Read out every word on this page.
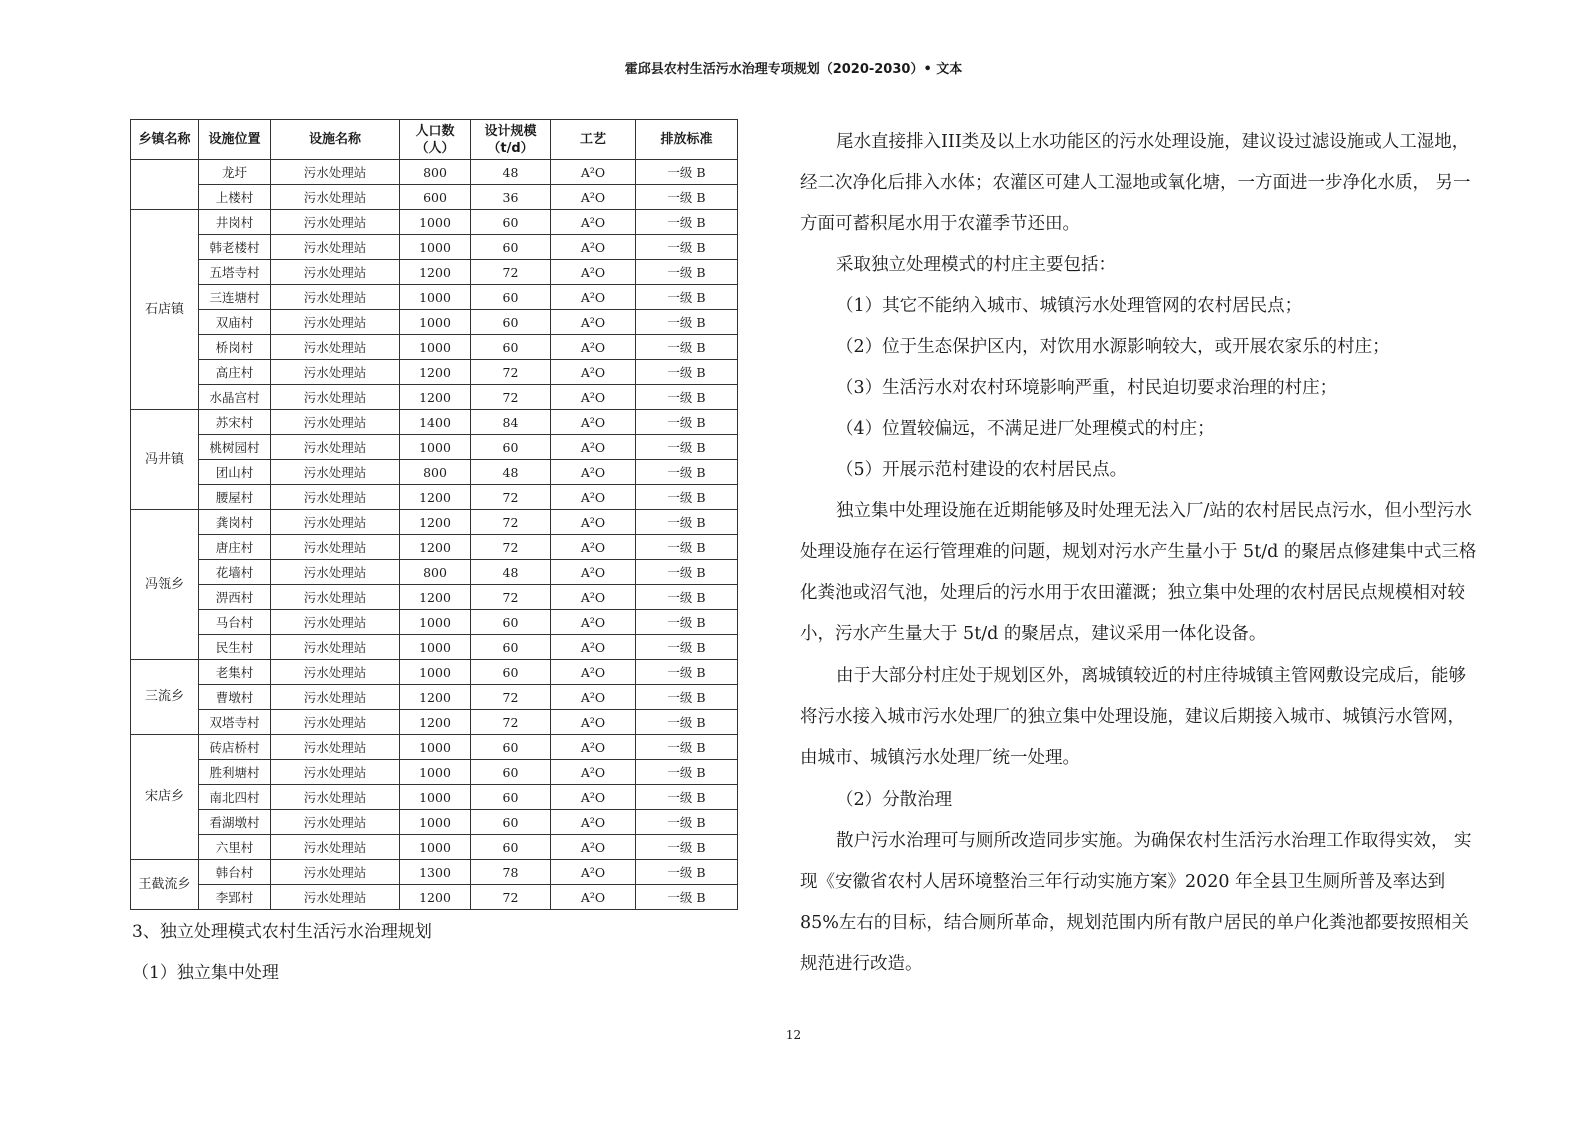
霍邱县农村生活污水治理专项规划（2020-2030）• 文本
乡镇名称	设施位置	设施名称	人口数（人）	设计规模（t/d）	工艺	排放标准
	龙圩	污水处理站	800	48	A²O	一级 B
	上楼村	污水处理站	600	36	A²O	一级 B
石店镇	井岗村	污水处理站	1000	60	A²O	一级 B
	韩老楼村	污水处理站	1000	60	A²O	一级 B
	五塔寺村	污水处理站	1200	72	A²O	一级 B
	三连塘村	污水处理站	1000	60	A²O	一级 B
	双庙村	污水处理站	1000	60	A²O	一级 B
	桥岗村	污水处理站	1000	60	A²O	一级 B
	高庄村	污水处理站	1200	72	A²O	一级 B
	水晶宫村	污水处理站	1200	72	A²O	一级 B
冯井镇	苏宋村	污水处理站	1400	84	A²O	一级 B
	桃树园村	污水处理站	1000	60	A²O	一级 B
	团山村	污水处理站	800	48	A²O	一级 B
	腰屋村	污水处理站	1200	72	A²O	一级 B
冯瓴乡	龚岗村	污水处理站	1200	72	A²O	一级 B
	唐庄村	污水处理站	1200	72	A²O	一级 B
	花墙村	污水处理站	800	48	A²O	一级 B
	淠西村	污水处理站	1200	72	A²O	一级 B
	马台村	污水处理站	1000	60	A²O	一级 B
	民生村	污水处理站	1000	60	A²O	一级 B
三流乡	老集村	污水处理站	1000	60	A²O	一级 B
	曹墩村	污水处理站	1200	72	A²O	一级 B
	双塔寺村	污水处理站	1200	72	A²O	一级 B
宋店乡	砖店桥村	污水处理站	1000	60	A²O	一级 B
	胜利塘村	污水处理站	1000	60	A²O	一级 B
	南北四村	污水处理站	1000	60	A²O	一级 B
	看湖墩村	污水处理站	1000	60	A²O	一级 B
	六里村	污水处理站	1000	60	A²O	一级 B
王截流乡	韩台村	污水处理站	1300	78	A²O	一级 B
	李郢村	污水处理站	1200	72	A²O	一级 B
3、独立处理模式农村生活污水治理规划
（1）独立集中处理

尾水直接排入III类及以上水功能区的污水处理设施，建议设过滤设施或人工湿地，经二次净化后排入水体；农灌区可建人工湿地或氧化塘，一方面进一步净化水质， 另一方面可蓄积尾水用于农灌季节还田。

采取独立处理模式的村庄主要包括：

（1）其它不能纳入城市、城镇污水处理管网的农村居民点；

（2）位于生态保护区内，对饮用水源影响较大，或开展农家乐的村庄；

（3）生活污水对农村环境影响严重，村民迫切要求治理的村庄；

（4）位置较偏远，不满足进厂处理模式的村庄；

（5）开展示范村建设的农村居民点。

独立集中处理设施在近期能够及时处理无法入厂/站的农村居民点污水，但小型污水处理设施存在运行管理难的问题，规划对污水产生量小于 5t/d 的聚居点修建集中式三格化粪池或沼气池，处理后的污水用于农田灌溉；独立集中处理的农村居民点规模相对较小，污水产生量大于 5t/d 的聚居点，建议采用一体化设备。

由于大部分村庄处于规划区外，离城镇较近的村庄待城镇主管网敷设完成后，能够将污水接入城市污水处理厂的独立集中处理设施，建议后期接入城市、城镇污水管网，由城市、城镇污水处理厂统一处理。

（2）分散治理

散户污水治理可与厕所改造同步实施。为确保农村生活污水治理工作取得实效， 实现《安徽省农村人居环境整治三年行动实施方案》2020 年全县卫生厕所普及率达到 85%左右的目标，结合厕所革命，规划范围内所有散户居民的单户化粪池都要按照相关规范进行改造。

12
